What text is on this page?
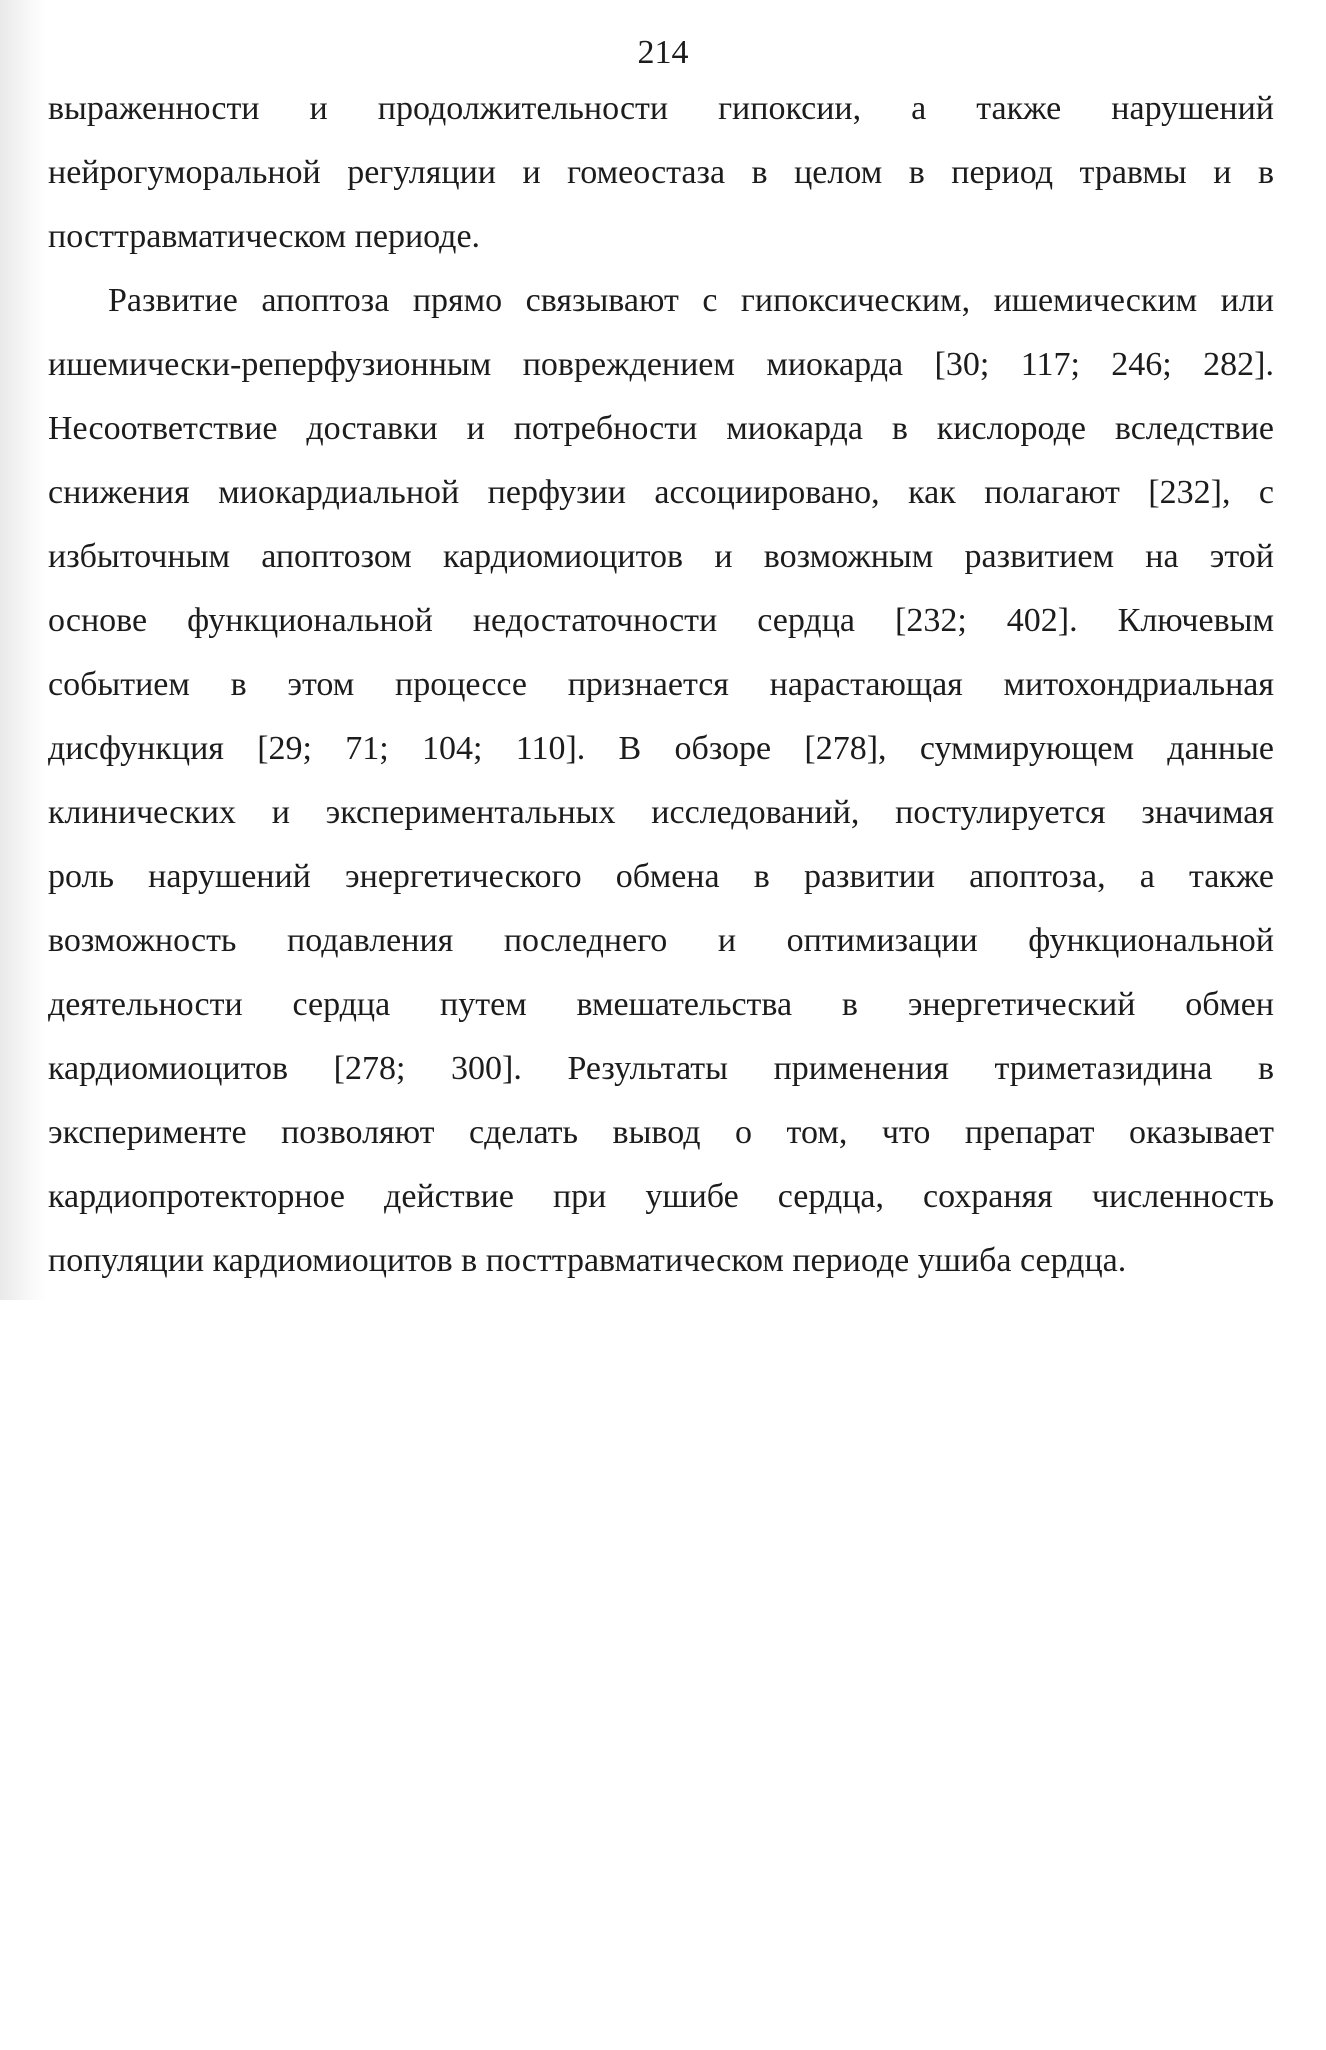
214
выраженности и продолжительности гипоксии, а также нарушений
нейрогуморальной регуляции и гомеостаза в целом в период травмы и в
посттравматическом периоде.
Развитие апоптоза прямо связывают с гипоксическим, ишемическим или
ишемически-реперфузионным повреждением миокарда [30; 117; 246; 282].
Несоответствие доставки и потребности миокарда в кислороде вследствие
снижения миокардиальной перфузии ассоциировано, как полагают [232], с
избыточным апоптозом кардиомиоцитов и возможным развитием на этой
основе функциональной недостаточности сердца [232; 402]. Ключевым
событием в этом процессе признается нарастающая митохондриальная
дисфункция [29; 71; 104; 110]. В обзоре [278], суммирующем данные
клинических и экспериментальных исследований, постулируется значимая
роль нарушений энергетического обмена в развитии апоптоза, а также
возможность подавления последнего и оптимизации функциональной
деятельности сердца путем вмешательства в энергетический обмен
кардиомиоцитов [278; 300]. Результаты применения триметазидина в
эксперименте позволяют сделать вывод о том, что препарат оказывает
кардиопротекторное действие при ушибе сердца, сохраняя численность
популяции кардиомиоцитов в посттравматическом периоде ушиба сердца.
